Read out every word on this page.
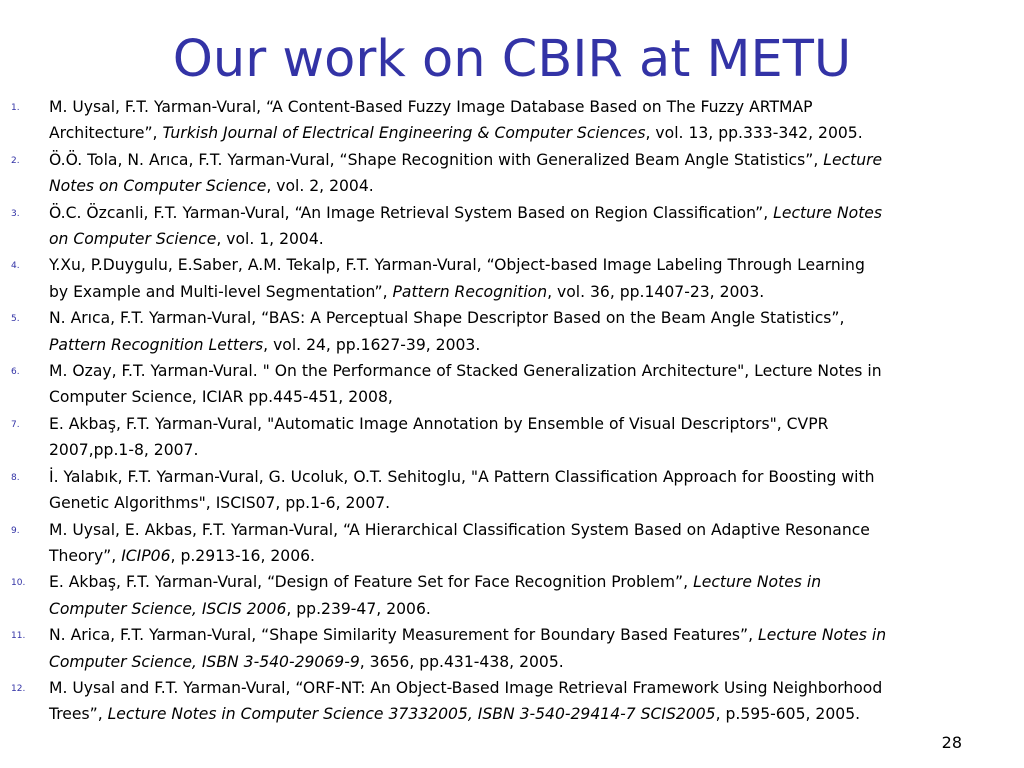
Our work on CBIR at METU
1. M. Uysal, F.T. Yarman-Vural, “A Content-Based Fuzzy Image Database Based on The Fuzzy ARTMAP
Architecture”, Turkish Journal of Electrical Engineering & Computer Sciences, vol. 13, pp.333-342, 2005.
2. Ö.Ö. Tola, N. Arıca, F.T. Yarman-Vural, “Shape Recognition with Generalized Beam Angle Statistics”, Lecture
Notes on Computer Science, vol. 2, 2004.
3. Ö.C. Özcanli, F.T. Yarman-Vural, “An Image Retrieval System Based on Region Classification”, Lecture Notes
on Computer Science, vol. 1, 2004.
4. Y.Xu, P.Duygulu, E.Saber, A.M. Tekalp, F.T. Yarman-Vural, “Object-based Image Labeling Through Learning
by Example and Multi-level Segmentation”, Pattern Recognition, vol. 36, pp.1407-23, 2003.
5. N. Arıca, F.T. Yarman-Vural, “BAS: A Perceptual Shape Descriptor Based on the Beam Angle Statistics”,
Pattern Recognition Letters, vol. 24, pp.1627-39, 2003.
6. M. Ozay, F.T. Yarman-Vural. " On the Performance of Stacked Generalization Architecture", Lecture Notes in
Computer Science, ICIAR pp.445-451, 2008,
7. E. Akbaş, F.T. Yarman-Vural, "Automatic Image Annotation by Ensemble of Visual Descriptors", CVPR
2007,pp.1-8, 2007.
8. İ. Yalabık, F.T. Yarman-Vural, G. Ucoluk, O.T. Sehitoglu, "A Pattern Classification Approach for Boosting with
Genetic Algorithms", ISCIS07, pp.1-6, 2007.
9. M. Uysal, E. Akbas, F.T. Yarman-Vural, “A Hierarchical Classification System Based on Adaptive Resonance
Theory”, ICIP06, p.2913-16, 2006.
10. E. Akbaş, F.T. Yarman-Vural, “Design of Feature Set for Face Recognition Problem”, Lecture Notes in
Computer Science, ISCIS 2006, pp.239-47, 2006.
11. N. Arica, F.T. Yarman-Vural, “Shape Similarity Measurement for Boundary Based Features”, Lecture Notes in
Computer Science, ISBN 3-540-29069-9, 3656, pp.431-438, 2005.
12. M. Uysal and F.T. Yarman-Vural, “ORF-NT: An Object-Based Image Retrieval Framework Using Neighborhood
Trees”, Lecture Notes in Computer Science 37332005, ISBN 3-540-29414-7 SCIS2005, p.595-605, 2005.
28
